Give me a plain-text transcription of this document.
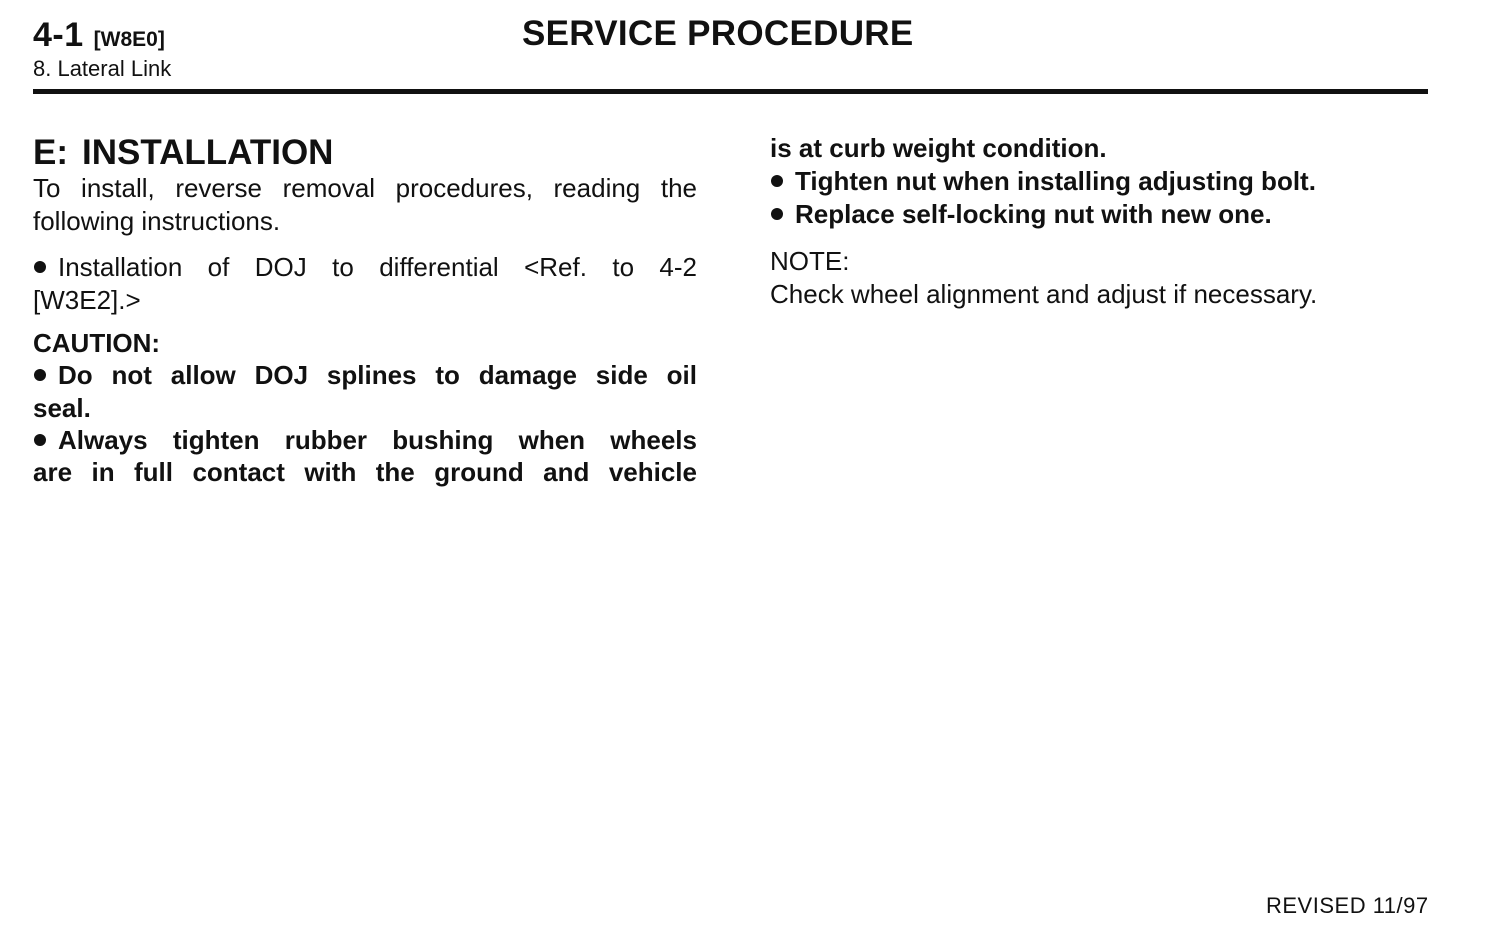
4-1 [W8E0]
8. Lateral Link
SERVICE PROCEDURE
E: INSTALLATION
To install, reverse removal procedures, reading the
following instructions.
Installation of DOJ to differential <Ref. to 4-2
[W3E2].>
CAUTION:
Do not allow DOJ splines to damage side oil
seal.
Always tighten rubber bushing when wheels
are in full contact with the ground and vehicle
is at curb weight condition.
Tighten nut when installing adjusting bolt.
Replace self-locking nut with new one.
NOTE:
Check wheel alignment and adjust if necessary.
REVISED 11/97
